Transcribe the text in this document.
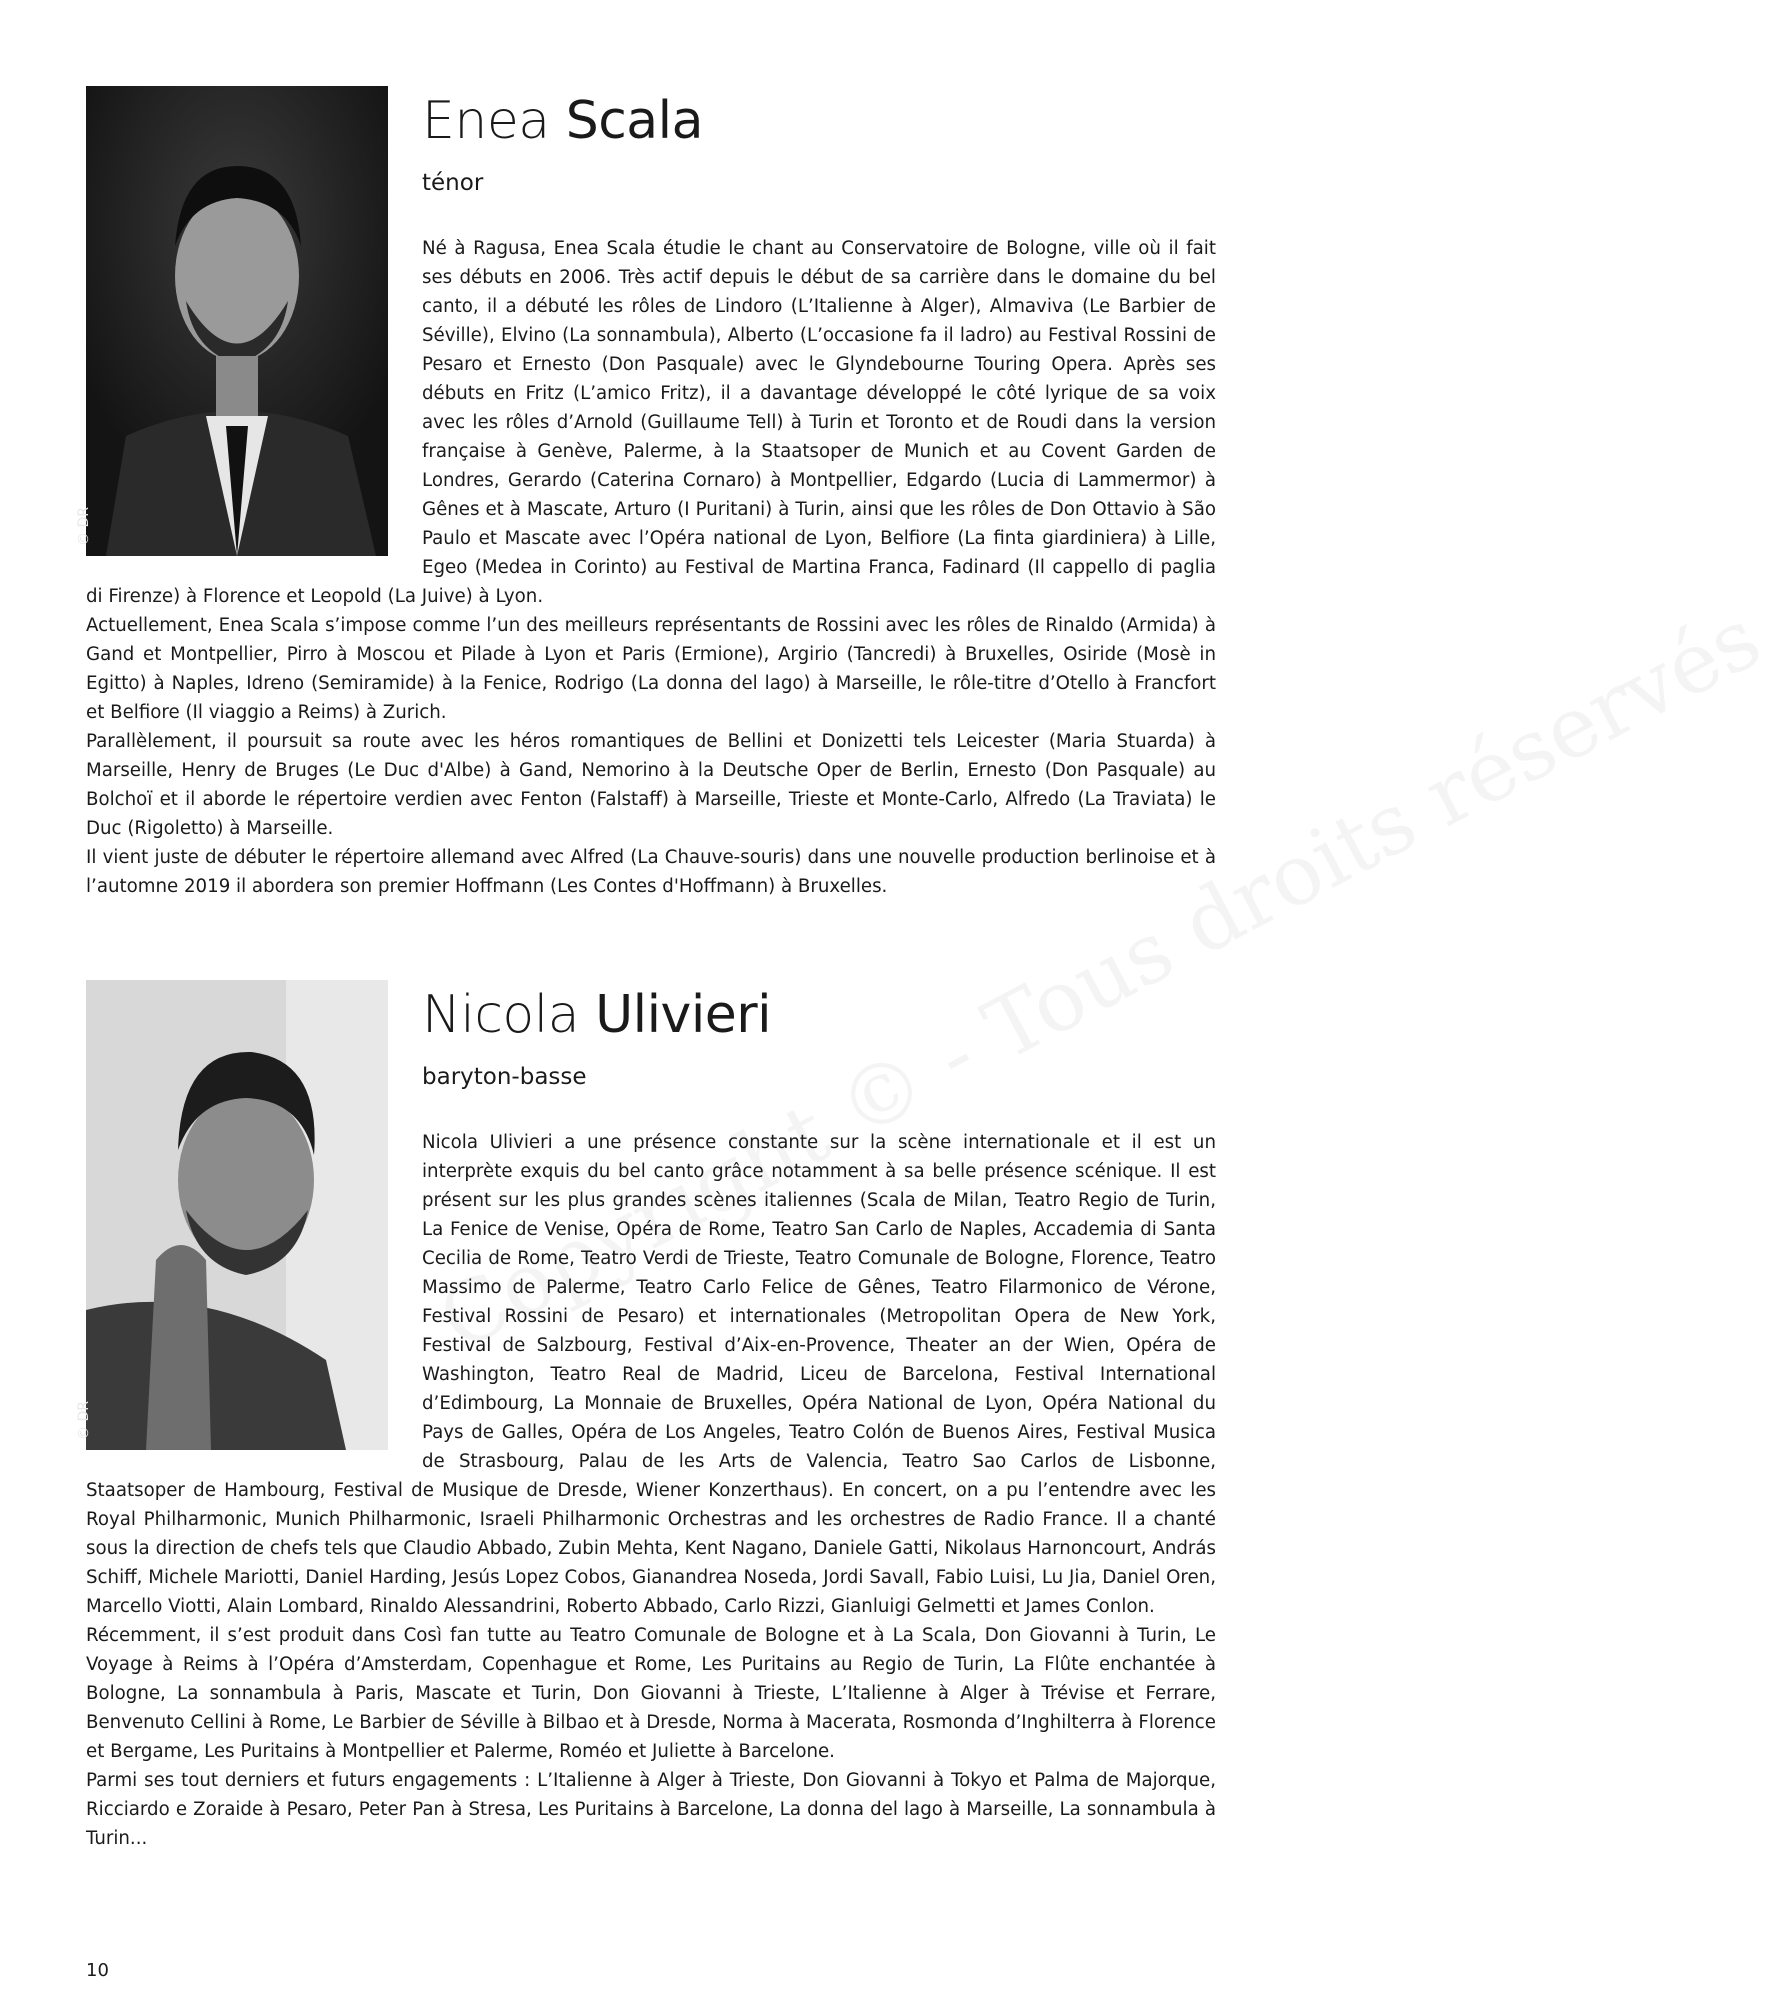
© DR
Enea Scala
ténor

Né à Ragusa, Enea Scala étudie le chant au Conservatoire de Bologne, ville où il fait ses débuts en 2006. Très actif depuis le début de sa carrière dans le domaine du bel canto, il a débuté les rôles de Lindoro (L’Italienne à Alger), Almaviva (Le Barbier de Séville), Elvino (La sonnambula), Alberto (L’occasione fa il ladro) au Festival Rossini de Pesaro et Ernesto (Don Pasquale) avec le Glyndebourne Touring Opera. Après ses débuts en Fritz (L’amico Fritz), il a davantage développé le côté lyrique de sa voix avec les rôles d’Arnold (Guillaume Tell) à Turin et Toronto et de Roudi dans la version française à Genève, Palerme, à la Staatsoper de Munich et au Covent Garden de Londres, Gerardo (Caterina Cornaro) à Montpellier, Edgardo (Lucia di Lammermor) à Gênes et à Mascate, Arturo (I Puritani) à Turin, ainsi que les rôles de Don Ottavio à São Paulo et Mascate avec l’Opéra national de Lyon, Belfiore (La finta giardiniera) à Lille, Egeo (Medea in Corinto) au Festival de Martina Franca, Fadinard (Il cappello di paglia di Firenze) à Florence et Leopold (La Juive) à Lyon.

Actuellement, Enea Scala s’impose comme l’un des meilleurs représentants de Rossini avec les rôles de Rinaldo (Armida) à Gand et Montpellier, Pirro à Moscou et Pilade à Lyon et Paris (Ermione), Argirio (Tancredi) à Bruxelles, Osiride (Mosè in Egitto) à Naples, Idreno (Semiramide) à la Fenice, Rodrigo (La donna del lago) à Marseille, le rôle-titre d’Otello à Francfort et Belfiore (Il viaggio a Reims) à Zurich.

Parallèlement, il poursuit sa route avec les héros romantiques de Bellini et Donizetti tels Leicester (Maria Stuarda) à Marseille, Henry de Bruges (Le Duc d'Albe) à Gand, Nemorino à la Deutsche Oper de Berlin, Ernesto (Don Pasquale) au Bolchoï et il aborde le répertoire verdien avec Fenton (Falstaff) à Marseille, Trieste et Monte-Carlo, Alfredo (La Traviata) le Duc (Rigoletto) à Marseille.

Il vient juste de débuter le répertoire allemand avec Alfred (La Chauve-souris) dans une nouvelle production berlinoise et à l’automne 2019 il abordera son premier Hoffmann (Les Contes d'Hoffmann) à Bruxelles.

© DR
Nicola Ulivieri
baryton-basse

Nicola Ulivieri a une présence constante sur la scène internationale et il est un interprète exquis du bel canto grâce notamment à sa belle présence scénique. Il est présent sur les plus grandes scènes italiennes (Scala de Milan, Teatro Regio de Turin, La Fenice de Venise, Opéra de Rome, Teatro San Carlo de Naples, Accademia di Santa Cecilia de Rome, Teatro Verdi de Trieste, Teatro Comunale de Bologne, Florence, Teatro Massimo de Palerme, Teatro Carlo Felice de Gênes, Teatro Filarmonico de Vérone, Festival Rossini de Pesaro) et internationales (Metropolitan Opera de New York, Festival de Salzbourg, Festival d’Aix-en-Provence, Theater an der Wien, Opéra de Washington, Teatro Real de Madrid, Liceu de Barcelona, Festival International d’Edimbourg, La Monnaie de Bruxelles, Opéra National de Lyon, Opéra National du Pays de Galles, Opéra de Los Angeles, Teatro Colón de Buenos Aires, Festival Musica de Strasbourg, Palau de les Arts de Valencia, Teatro Sao Carlos de Lisbonne, Staatsoper de Hambourg, Festival de Musique de Dresde, Wiener Konzerthaus). En concert, on a pu l’entendre avec les Royal Philharmonic, Munich Philharmonic, Israeli Philharmonic Orchestras and les orchestres de Radio France. Il a chanté sous la direction de chefs tels que Claudio Abbado, Zubin Mehta, Kent Nagano, Daniele Gatti, Nikolaus Harnoncourt, András Schiff, Michele Mariotti, Daniel Harding, Jesús Lopez Cobos, Gianandrea Noseda, Jordi Savall, Fabio Luisi, Lu Jia, Daniel Oren, Marcello Viotti, Alain Lombard, Rinaldo Alessandrini, Roberto Abbado, Carlo Rizzi, Gianluigi Gelmetti et James Conlon.

Récemment, il s’est produit dans Così fan tutte au Teatro Comunale de Bologne et à La Scala, Don Giovanni à Turin, Le Voyage à Reims à l’Opéra d’Amsterdam, Copenhague et Rome, Les Puritains au Regio de Turin, La Flûte enchantée à Bologne, La sonnambula à Paris, Mascate et Turin, Don Giovanni à Trieste, L’Italienne à Alger à Trévise et Ferrare, Benvenuto Cellini à Rome, Le Barbier de Séville à Bilbao et à Dresde, Norma à Macerata, Rosmonda d’Inghilterra à Florence et Bergame, Les Puritains à Montpellier et Palerme, Roméo et Juliette à Barcelone.

Parmi ses tout derniers et futurs engagements : L’Italienne à Alger à Trieste, Don Giovanni à Tokyo et Palma de Majorque, Ricciardo e Zoraide à Pesaro, Peter Pan à Stresa, Les Puritains à Barcelone, La donna del lago à Marseille, La sonnambula à Turin...

10
